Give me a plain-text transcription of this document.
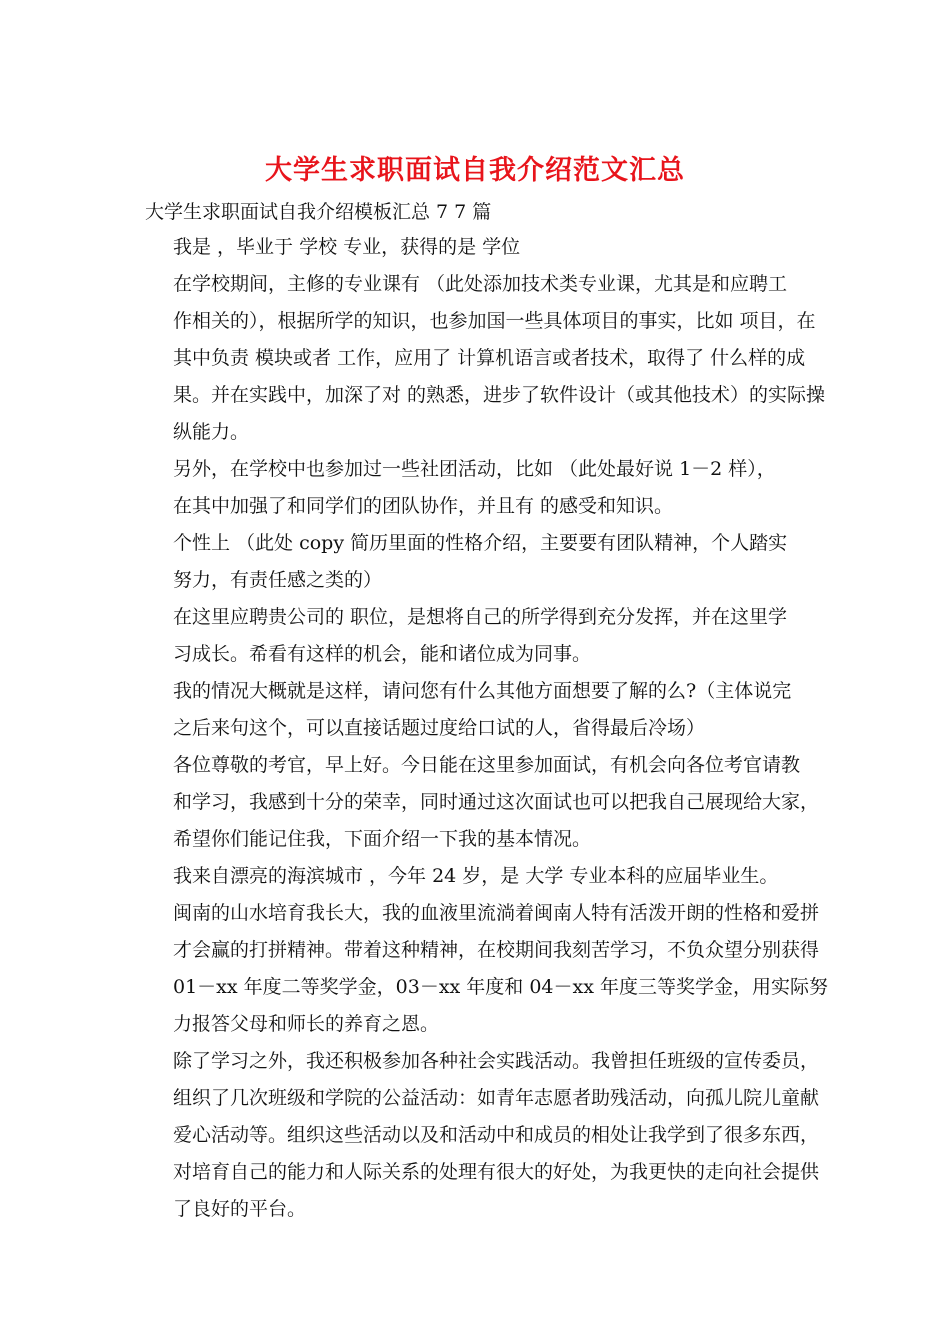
大学生求职面试自我介绍范文汇总
大学生求职面试自我介绍模板汇总 7 7 篇

我是 ，毕业于 学校 专业，获得的是 学位

在学校期间，主修的专业课有 （此处添加技术类专业课，尤其是和应聘工
作相关的），根据所学的知识，也参加国一些具体项目的事实，比如 项目，在
其中负责 模块或者 工作，应用了 计算机语言或者技术，取得了 什么样的成
果。并在实践中，加深了对 的熟悉，进步了软件设计（或其他技术）的实际操
纵能力。

另外，在学校中也参加过一些社团活动，比如 （此处最好说 1－2 样），
在其中加强了和同学们的团队协作，并且有 的感受和知识。

个性上 （此处 copy 简历里面的性格介绍，主要要有团队精神，个人踏实
努力，有责任感之类的）

在这里应聘贵公司的 职位，是想将自己的所学得到充分发挥，并在这里学
习成长。希看有这样的机会，能和诸位成为同事。

我的情况大概就是这样，请问您有什么其他方面想要了解的么?（主体说完
之后来句这个，可以直接话题过度给口试的人，省得最后冷场）

各位尊敬的考官，早上好。今日能在这里参加面试，有机会向各位考官请教
和学习，我感到十分的荣幸，同时通过这次面试也可以把我自己展现给大家，
希望你们能记住我，下面介绍一下我的基本情况。

我来自漂亮的海滨城市 ，今年 24 岁，是 大学 专业本科的应届毕业生。
闽南的山水培育我长大，我的血液里流淌着闽南人特有活泼开朗的性格和爱拼
才会赢的打拼精神。带着这种精神，在校期间我刻苦学习，不负众望分别获得
01－xx 年度二等奖学金，03－xx 年度和 04－xx 年度三等奖学金，用实际努
力报答父母和师长的养育之恩。

除了学习之外，我还积极参加各种社会实践活动。我曾担任班级的宣传委员，
组织了几次班级和学院的公益活动：如青年志愿者助残活动，向孤儿院儿童献
爱心活动等。组织这些活动以及和活动中和成员的相处让我学到了很多东西，
对培育自己的能力和人际关系的处理有很大的好处，为我更快的走向社会提供
了良好的平台。
